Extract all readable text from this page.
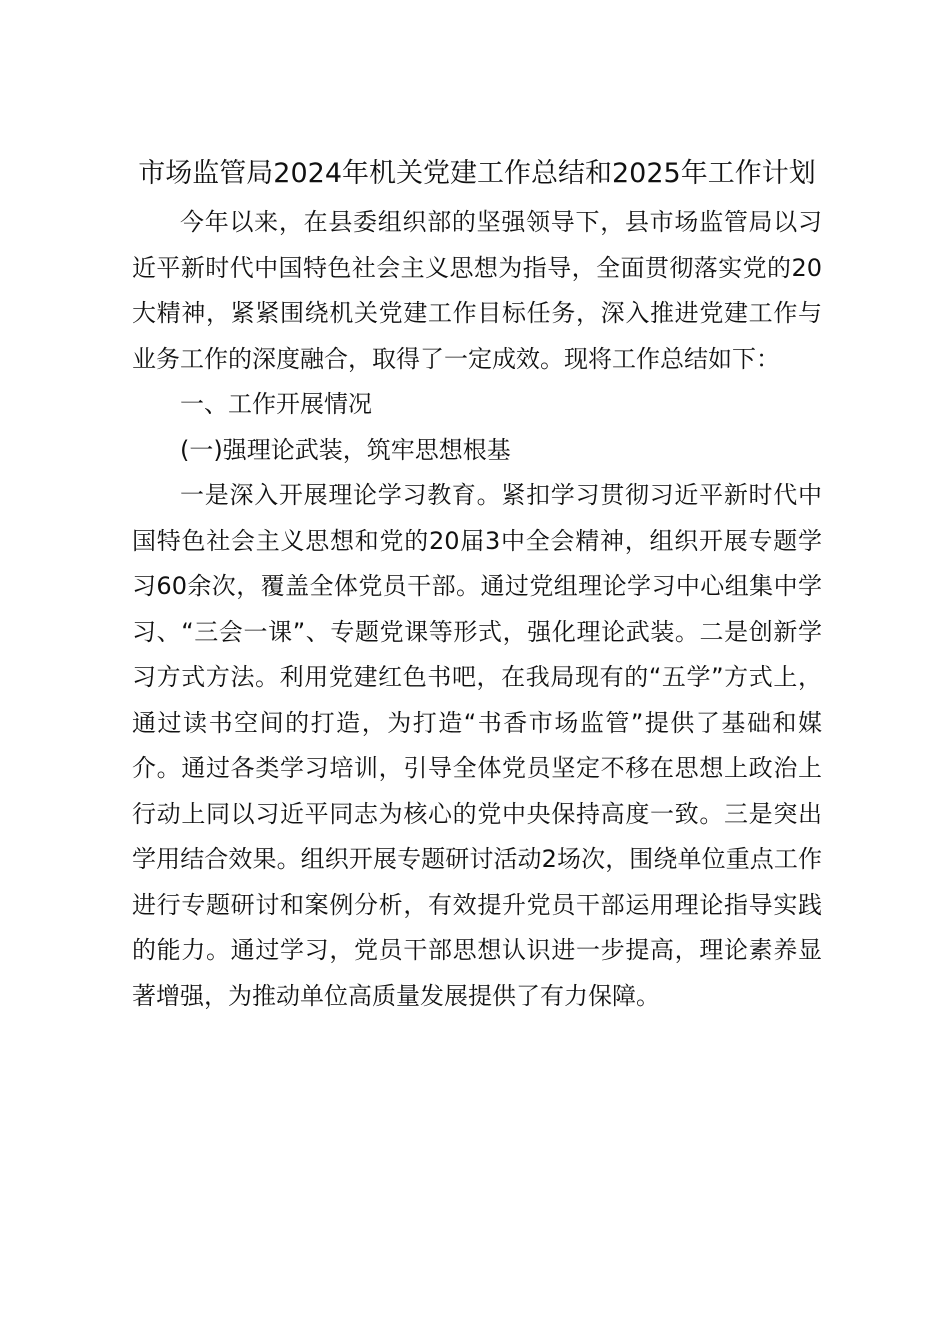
市场监管局2024年机关党建工作总结和2025年工作计划

今年以来，在县委组织部的坚强领导下，县市场监管局以习近平新时代中国特色社会主义思想为指导，全面贯彻落实党的20大精神，紧紧围绕机关党建工作目标任务，深入推进党建工作与业务工作的深度融合，取得了一定成效。现将工作总结如下：

一、工作开展情况

(一)强理论武装，筑牢思想根基

一是深入开展理论学习教育。紧扣学习贯彻习近平新时代中国特色社会主义思想和党的20届3中全会精神，组织开展专题学习60余次，覆盖全体党员干部。通过党组理论学习中心组集中学习、“三会一课”、专题党课等形式，强化理论武装。二是创新学习方式方法。利用党建红色书吧，在我局现有的“五学”方式上，通过读书空间的打造，为打造“书香市场监管”提供了基础和媒介。通过各类学习培训，引导全体党员坚定不移在思想上政治上行动上同以习近平同志为核心的党中央保持高度一致。三是突出学用结合效果。组织开展专题研讨活动2场次，围绕单位重点工作进行专题研讨和案例分析，有效提升党员干部运用理论指导实践的能力。通过学习，党员干部思想认识进一步提高，理论素养显著增强，为推动单位高质量发展提供了有力保障。
